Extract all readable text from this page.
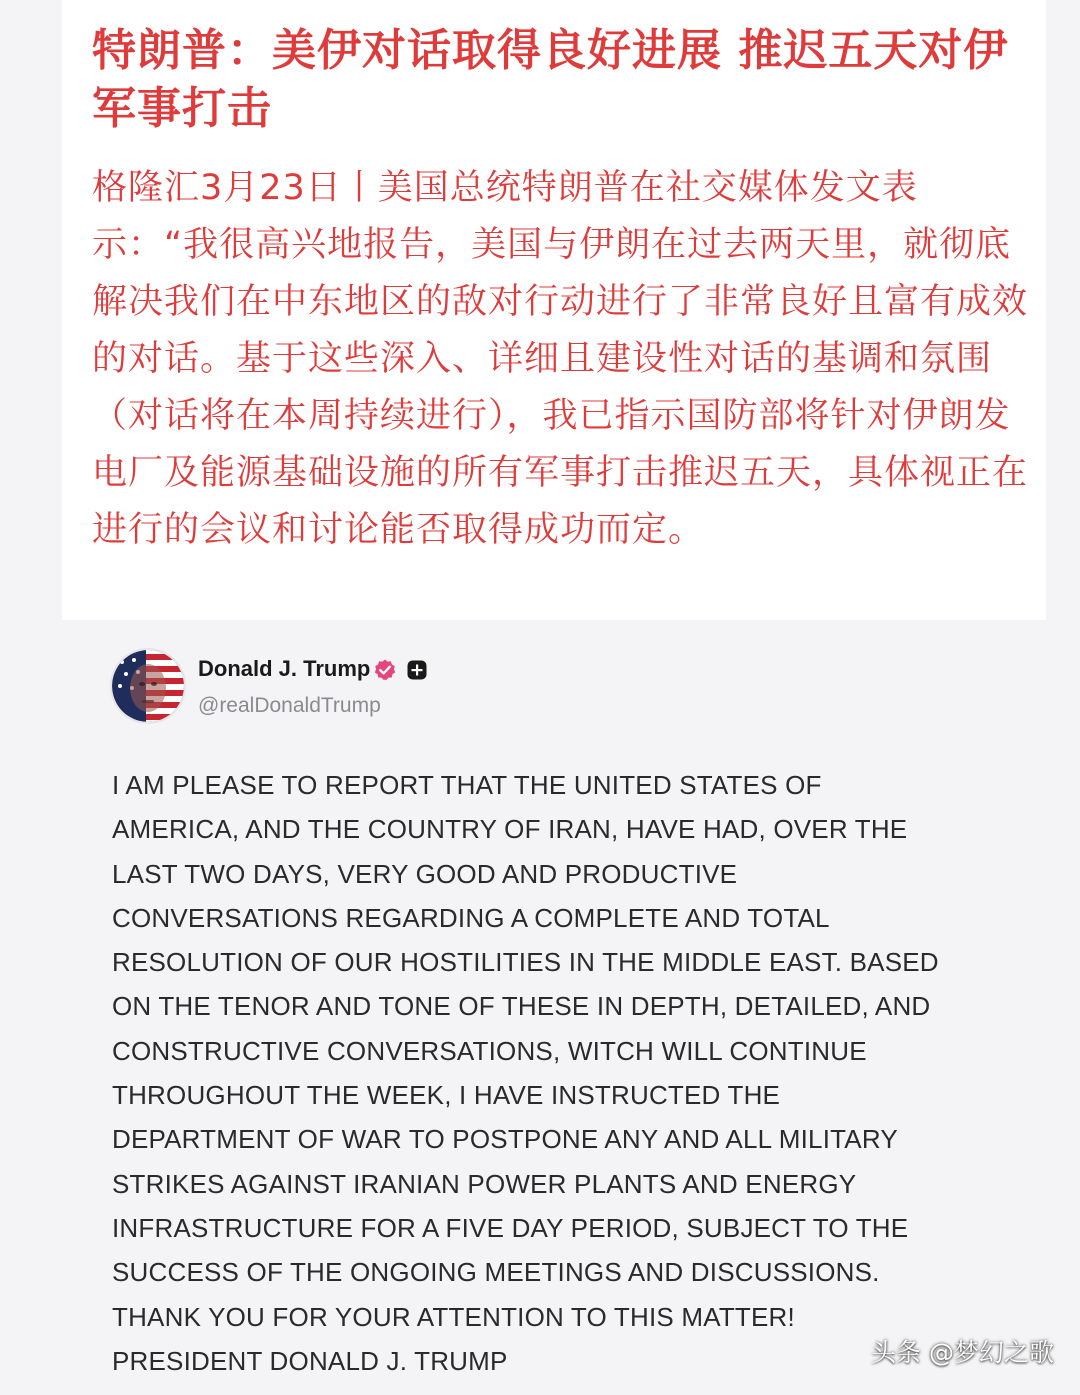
特朗普：美伊对话取得良好进展 推迟五天对伊军事打击

格隆汇3月23日丨美国总统特朗普在社交媒体发文表示：“我很高兴地报告，美国与伊朗在过去两天里，就彻底解决我们在中东地区的敌对行动进行了非常良好且富有成效的对话。基于这些深入、详细且建设性对话的基调和氛围（对话将在本周持续进行），我已指示国防部将针对伊朗发电厂及能源基础设施的所有军事打击推迟五天，具体视正在进行的会议和讨论能否取得成功而定。

Donald J. Trump
@realDonaldTrump
I AM PLEASE TO REPORT THAT THE UNITED STATES OF
AMERICA, AND THE COUNTRY OF IRAN, HAVE HAD, OVER THE
LAST TWO DAYS, VERY GOOD AND PRODUCTIVE
CONVERSATIONS REGARDING A COMPLETE AND TOTAL
RESOLUTION OF OUR HOSTILITIES IN THE MIDDLE EAST. BASED
ON THE TENOR AND TONE OF THESE IN DEPTH, DETAILED, AND
CONSTRUCTIVE CONVERSATIONS, WITCH WILL CONTINUE
THROUGHOUT THE WEEK, I HAVE INSTRUCTED THE
DEPARTMENT OF WAR TO POSTPONE ANY AND ALL MILITARY
STRIKES AGAINST IRANIAN POWER PLANTS AND ENERGY
INFRASTRUCTURE FOR A FIVE DAY PERIOD, SUBJECT TO THE
SUCCESS OF THE ONGOING MEETINGS AND DISCUSSIONS.
THANK YOU FOR YOUR ATTENTION TO THIS MATTER!
PRESIDENT DONALD J. TRUMP	头条 @梦幻之歌
